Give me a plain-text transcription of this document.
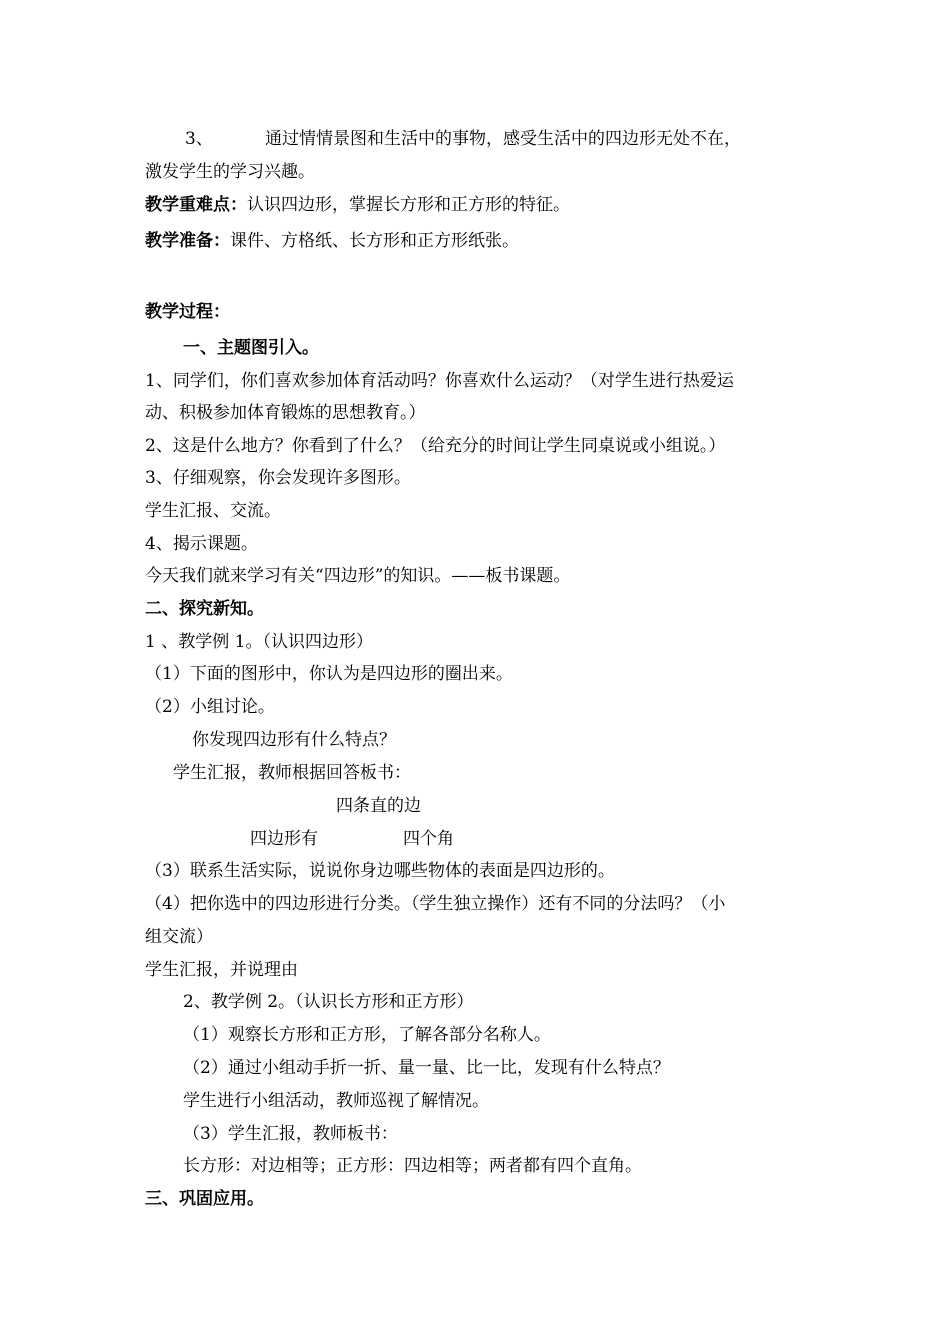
3、	通过情情景图和生活中的事物，感受生活中的四边形无处不在，
激发学生的学习兴趣。
教学重难点：认识四边形，掌握长方形和正方形的特征。
教学准备：课件、方格纸、长方形和正方形纸张。
教学过程：
一、主题图引入。
1、同学们，你们喜欢参加体育活动吗？你喜欢什么运动？（对学生进行热爱运
动、积极参加体育锻炼的思想教育。）
2、这是什么地方？你看到了什么？（给充分的时间让学生同桌说或小组说。）
3、仔细观察，你会发现许多图形。
学生汇报、交流。
4、揭示课题。
今天我们就来学习有关“四边形”的知识。——板书课题。
二、探究新知。
1 、教学例 1。（认识四边形）
（1）下面的图形中，你认为是四边形的圈出来。
（2）小组讨论。
你发现四边形有什么特点？
学生汇报，教师根据回答板书：
四条直的边
四边形有	四个角
（3）联系生活实际，说说你身边哪些物体的表面是四边形的。
（4）把你选中的四边形进行分类。（学生独立操作）还有不同的分法吗？（小
组交流）
学生汇报，并说理由
2、教学例 2。（认识长方形和正方形）
（1）观察长方形和正方形，了解各部分名称人。
（2）通过小组动手折一折、量一量、比一比，发现有什么特点？
学生进行小组活动，教师巡视了解情况。
（3）学生汇报，教师板书：
长方形：对边相等；正方形：四边相等；两者都有四个直角。
三、巩固应用。
